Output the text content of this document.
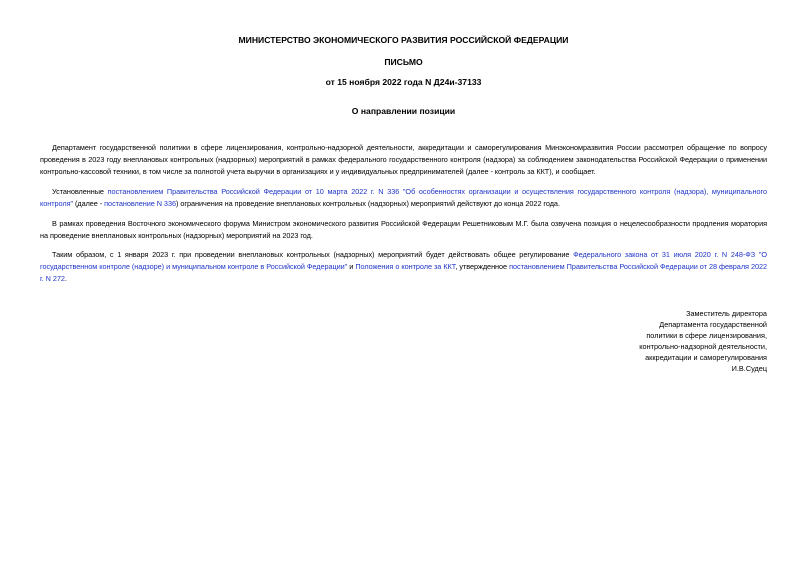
МИНИСТЕРСТВО ЭКОНОМИЧЕСКОГО РАЗВИТИЯ РОССИЙСКОЙ ФЕДЕРАЦИИ
ПИСЬМО
от 15 ноября 2022 года N Д24и-37133
О направлении позиции

Департамент государственной политики в сфере лицензирования, контрольно-надзорной деятельности, аккредитации и саморегулирования Минэкономразвития России рассмотрел обращение по вопросу проведения в 2023 году внеплановых контрольных (надзорных) мероприятий в рамках федерального государственного контроля (надзора) за соблюдением законодательства Российской Федерации о применении контрольно-кассовой техники, в том числе за полнотой учета выручки в организациях и у индивидуальных предпринимателей (далее - контроль за ККТ), и сообщает.

Установленные постановлением Правительства Российской Федерации от 10 марта 2022 г. N 336 "Об особенностях организации и осуществления государственного контроля (надзора), муниципального контроля" (далее - постановление N 336) ограничения на проведение внеплановых контрольных (надзорных) мероприятий действуют до конца 2022 года.

В рамках проведения Восточного экономического форума Министром экономического развития Российской Федерации Решетниковым М.Г. была озвучена позиция о нецелесообразности продления моратория на проведение внеплановых контрольных (надзорных) мероприятий на 2023 год.

Таким образом, с 1 января 2023 г. при проведении внеплановых контрольных (надзорных) мероприятий будет действовать общее регулирование Федерального закона от 31 июля 2020 г. N 248-ФЗ "О государственном контроле (надзоре) и муниципальном контроле в Российской Федерации" и Положения о контроле за ККТ, утвержденное постановлением Правительства Российской Федерации от 28 февраля 2022 г. N 272.

Заместитель директора
Департамента государственной
политики в сфере лицензирования,
контрольно-надзорной деятельности,
аккредитации и саморегулирования
И.В.Судец
